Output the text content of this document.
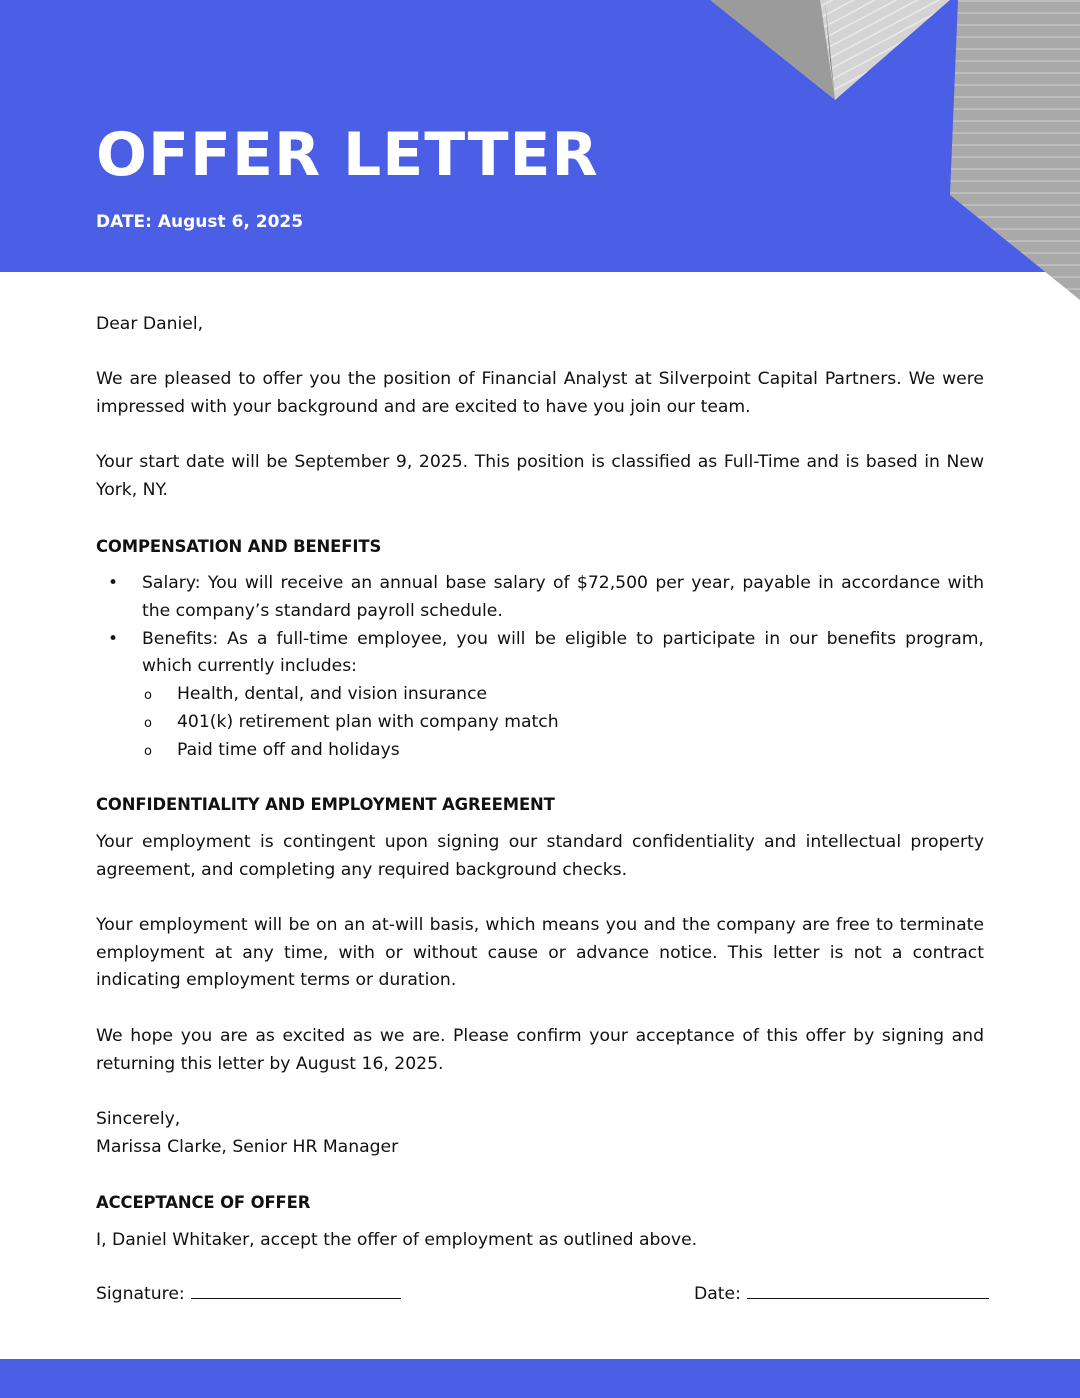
OFFER LETTER
DATE: August 6, 2025
Dear Daniel,
We are pleased to offer you the position of Financial Analyst at Silverpoint Capital Partners. We were impressed with your background and are excited to have you join our team.
Your start date will be September 9, 2025. This position is classified as Full-Time and is based in New York, NY.
COMPENSATION AND BENEFITS
• Salary: You will receive an annual base salary of $72,500 per year, payable in accordance with the company’s standard payroll schedule.
• Benefits: As a full-time employee, you will be eligible to participate in our benefits program, which currently includes:
o Health, dental, and vision insurance
o 401(k) retirement plan with company match
o Paid time off and holidays
CONFIDENTIALITY AND EMPLOYMENT AGREEMENT
Your employment is contingent upon signing our standard confidentiality and intellectual property agreement, and completing any required background checks.
Your employment will be on an at-will basis, which means you and the company are free to terminate employment at any time, with or without cause or advance notice. This letter is not a contract indicating employment terms or duration.
We hope you are as excited as we are. Please confirm your acceptance of this offer by signing and returning this letter by August 16, 2025.
Sincerely,
Marissa Clarke, Senior HR Manager
ACCEPTANCE OF OFFER
I, Daniel Whitaker, accept the offer of employment as outlined above.
Signature:	Date:
